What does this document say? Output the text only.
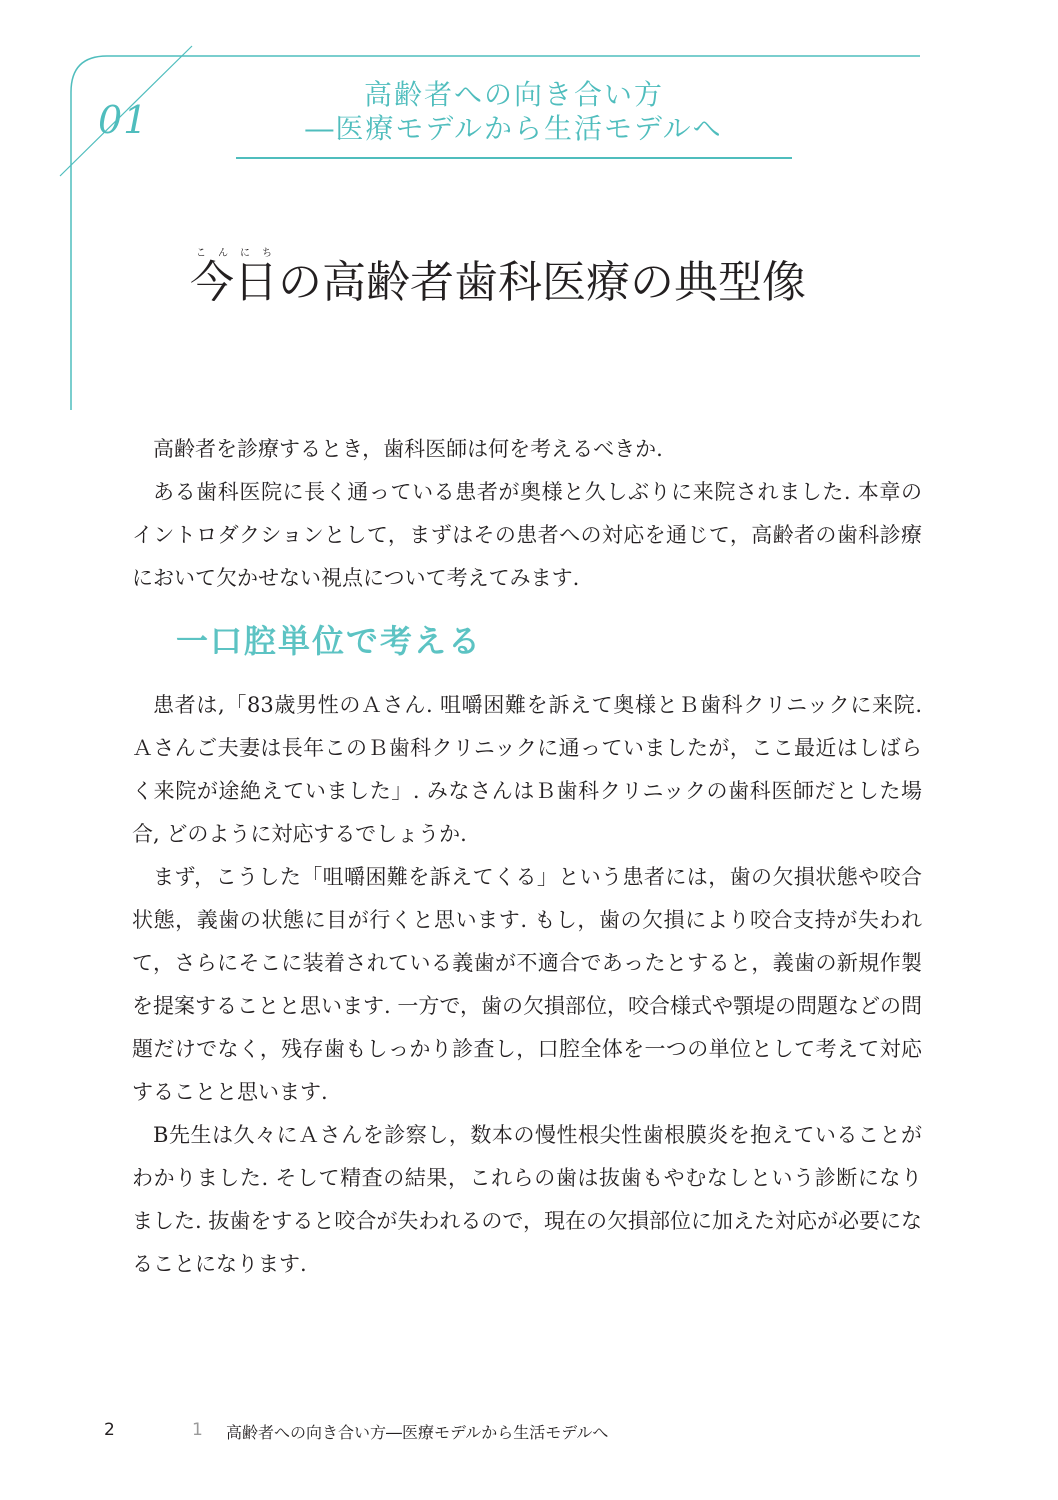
01
高齢者への向き合い方
―医療モデルから生活モデルへ
今こん日にちの高齢者歯科医療の典型像

高齢者を診療するとき，歯科医師は何を考えるべきか.

ある歯科医院に長く通っている患者が奥様と久しぶりに来院されました. 本章のイントロダクションとして，まずはその患者への対応を通じて，高齢者の歯科診療において欠かせない視点について考えてみます.

一口腔単位で考える

患者は,「83歳男性のＡさん. 咀嚼困難を訴えて奥様とＢ歯科クリニックに来院. Ａさんご夫妻は長年このＢ歯科クリニックに通っていましたが，ここ最近はしばらく来院が途絶えていました」. みなさんはＢ歯科クリニックの歯科医師だとした場合, どのように対応するでしょうか.

まず，こうした「咀嚼困難を訴えてくる」という患者には，歯の欠損状態や咬合状態，義歯の状態に目が行くと思います. もし，歯の欠損により咬合支持が失われて，さらにそこに装着されている義歯が不適合であったとすると，義歯の新規作製を提案することと思います. 一方で，歯の欠損部位，咬合様式や顎堤の問題などの問題だけでなく，残存歯もしっかり診査し，口腔全体を一つの単位として考えて対応することと思います.

B先生は久々にＡさんを診察し，数本の慢性根尖性歯根膜炎を抱えていることがわかりました. そして精査の結果，これらの歯は抜歯もやむなしという診断になりました. 抜歯をすると咬合が失われるので，現在の欠損部位に加えた対応が必要になることになります.

2	1 高齢者への向き合い方―医療モデルから生活モデルへ
